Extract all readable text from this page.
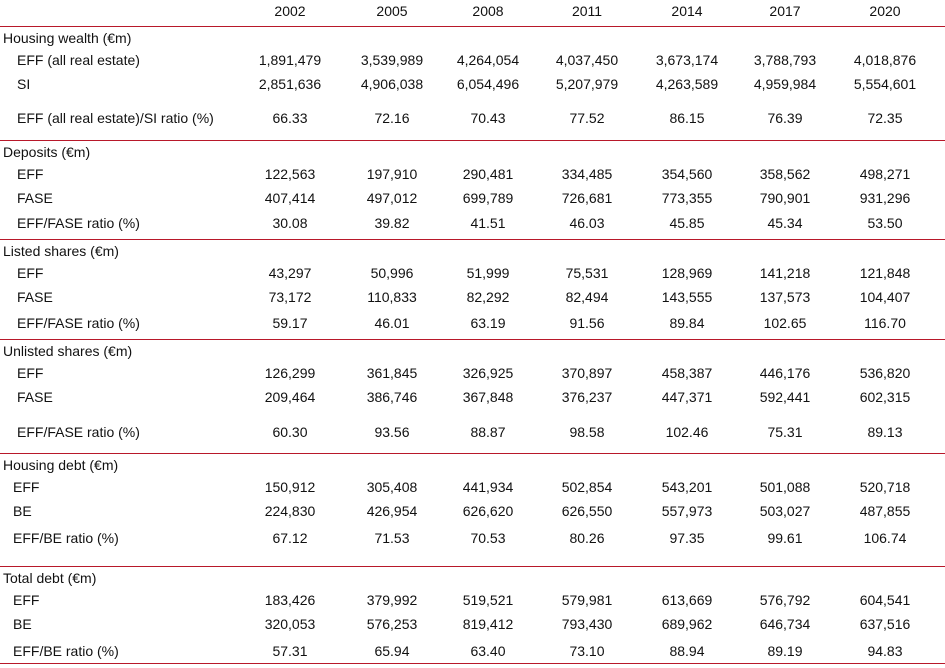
2002	2005	2008	2011	2014	2017	2020
Housing wealth (€m)
EFF (all real estate)	1,891,479	3,539,989	4,264,054	4,037,450	3,673,174	3,788,793	4,018,876
SI	2,851,636	4,906,038	6,054,496	5,207,979	4,263,589	4,959,984	5,554,601
EFF (all real estate)/SI ratio (%)	66.33	72.16	70.43	77.52	86.15	76.39	72.35
Deposits (€m)
EFF	122,563	197,910	290,481	334,485	354,560	358,562	498,271
FASE	407,414	497,012	699,789	726,681	773,355	790,901	931,296
EFF/FASE ratio (%)	30.08	39.82	41.51	46.03	45.85	45.34	53.50
Listed shares (€m)
EFF	43,297	50,996	51,999	75,531	128,969	141,218	121,848
FASE	73,172	110,833	82,292	82,494	143,555	137,573	104,407
EFF/FASE ratio (%)	59.17	46.01	63.19	91.56	89.84	102.65	116.70
Unlisted shares (€m)
EFF	126,299	361,845	326,925	370,897	458,387	446,176	536,820
FASE	209,464	386,746	367,848	376,237	447,371	592,441	602,315
EFF/FASE ratio (%)	60.30	93.56	88.87	98.58	102.46	75.31	89.13
Housing debt (€m)
EFF	150,912	305,408	441,934	502,854	543,201	501,088	520,718
BE	224,830	426,954	626,620	626,550	557,973	503,027	487,855
EFF/BE ratio (%)	67.12	71.53	70.53	80.26	97.35	99.61	106.74
Total debt (€m)
EFF	183,426	379,992	519,521	579,981	613,669	576,792	604,541
BE	320,053	576,253	819,412	793,430	689,962	646,734	637,516
EFF/BE ratio (%)	57.31	65.94	63.40	73.10	88.94	89.19	94.83
